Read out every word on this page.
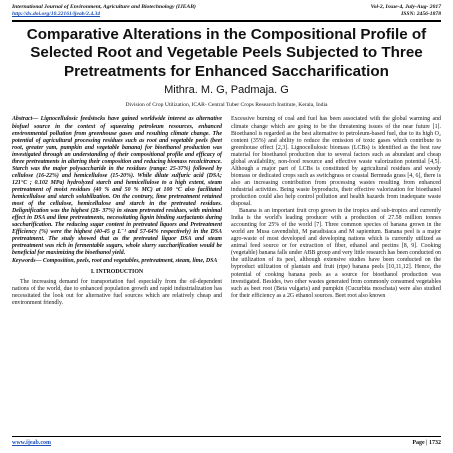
International Journal of Environment, Agriculture and Biotechnology (IJEAB)
http://dx.doi.org/10.22161/ijeab/2.4.34
Vol-2, Issue-4, July-Aug- 2017
ISSN: 2456-1878
Comparative Alterations in the Compositional Profile of Selected Root and Vegetable Peels Subjected to Three Pretreatments for Enhanced Saccharification
Mithra. M. G, Padmaja. G
Division of Crop Utilization, ICAR- Central Tuber Crops Research Institute, Kerala, India

Abstract— Lignocellulosic feedstocks have gained worldwide interest as alternative biofuel source in the context of squeezing petroleum resources, enhanced environmental pollution from greenhouse gases and resulting climate change. The potential of agricultural processing residues such as root and vegetable peels (beet root, greater yam, pumpkin and vegetable banana) for bioethanol production was investigated through an understanding of their compositional profile and efficacy of three pretreatments in altering their composition and reducing biomass recalcitrance. Starch was the major polysaccharide in the residues (range: 25-37%) followed by cellulose (16-22%) and hemicellulose (15-20%). While dilute sulfuric acid (DSA; 121°C ; 0.102 MPa) hydrolyzed starch and hemicellulose to a high extent, steam pretreatment of moist residues (40 % and 50 % MC) at 100 °C also facilitated hemicellulose and starch solubilization. On the contrary, lime pretreatment retained most of the cellulose, hemicellulose and starch in the pretreated residues. Delignification was the highest (28- 37%) in steam pretreated residues, with minimal effect in DSA and lime pretreatments, necessitating lignin binding surfactants during saccharification. The reducing sugar content in pretreated liquors and Pretreatment Efficiency (%) were the highest (40-45 g L⁻¹ and 57-64% respectively) in the DSA pretreatment. The study showed that as the pretreated liquor DSA and steam pretreatment was rich in fermentable sugars, whole slurry saccharification would be beneficial for maximizing the bioethanol yield.

Keywords— Composition, peels, root and vegetables, pretreatment, steam, lime, DSA

I. INTRODUCTION

The increasing demand for transportation fuel especially from the oil-dependent nations of the world, due to enhanced population growth and rapid industrialization has necessitated the look out for alternative fuel sources which are relatively cheap and environment friendly.

Excessive burning of coal and fuel has been associated with the global warming and climate change which are going to be the threatening issues of the near future [1]. Bioethanol is regarded as the best alternative to petroleum-based fuel, due to its high O₂ content (35%) and ability to reduce the emission of toxic gases which contribute to greenhouse effect [2,3]. Lignocellulosic biomass (LCBs) is identified as the best raw material for bioethanol production due to several factors such as abundant and cheap global availability, non-food resource and effective waste valorization potential [4,5]. Although a major part of LCBs is constituted by agricultural residues and woody biomass or dedicated crops such as switchgrass or coastal Bermuda grass [4, 6], there is also an increasing contribution from processing wastes resulting from enhanced industrial activities. Being waste byproducts, their effective valorization for bioethanol production could also help control pollution and health hazards from inadequate waste disposal.

Banana is an important fruit crop grown in the tropics and sub-tropics and currently India is the world's leading producer with a production of 27.58 million tonnes accounting for 25% of the world [7]. Three common species of banana grown in the world are Musa cavendishii, M paradisiaca and M sapientum. Banana peel is a major agro-waste of most developed and developing nations which is currently utilized as animal feed source or for extraction of fiber, ethanol and pectins [8, 9]. Cooking (vegetable) banana falls under ABB group and very little research has been conducted on the utilization of its peel, although extensive studies have been conducted on the byproduct utilization of plantain and fruit (ripe) banana peels [10,11,12]. Hence, the potential of cooking banana peels as a source for bioethanol production was investigated. Besides, two other wastes generated from commonly consumed vegetables such as beet root (Beta vulgaris) and pumpkin (Cucurbita moschata) were also studied for their efficiency as a 2G ethanol sources. Beet root also known

www.ijeab.com	Page | 1732
